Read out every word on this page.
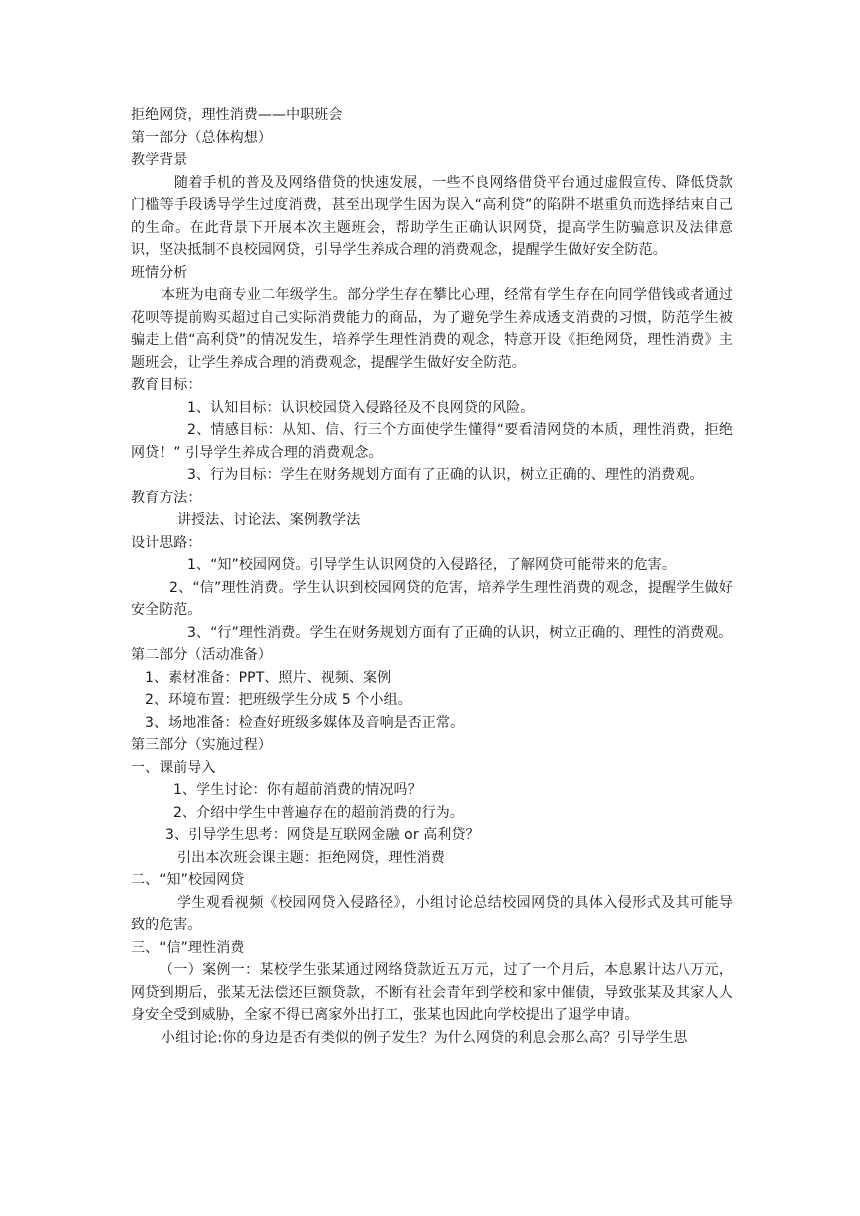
拒绝网贷，理性消费——中职班会

第一部分（总体构想）

教学背景

随着手机的普及及网络借贷的快速发展，一些不良网络借贷平台通过虚假宣传、降低贷款门槛等手段诱导学生过度消费，甚至出现学生因为误入“高利贷”的陷阱不堪重负而选择结束自己的生命。在此背景下开展本次主题班会，帮助学生正确认识网贷，提高学生防骗意识及法律意识，坚决抵制不良校园网贷，引导学生养成合理的消费观念，提醒学生做好安全防范。

班情分析

本班为电商专业二年级学生。部分学生存在攀比心理，经常有学生存在向同学借钱或者通过花呗等提前购买超过自己实际消费能力的商品，为了避免学生养成透支消费的习惯，防范学生被骗走上借“高利贷”的情况发生，培养学生理性消费的观念，特意开设《拒绝网贷，理性消费》主题班会，让学生养成合理的消费观念，提醒学生做好安全防范。

教育目标：

1、认知目标：认识校园贷入侵路径及不良网贷的风险。

2、情感目标：从知、信、行三个方面使学生懂得“要看清网贷的本质，理性消费，拒绝网贷！” 引导学生养成合理的消费观念。

3、行为目标：学生在财务规划方面有了正确的认识，树立正确的、理性的消费观。

教育方法：

讲授法、讨论法、案例教学法

设计思路：

1、“知”校园网贷。引导学生认识网贷的入侵路径，了解网贷可能带来的危害。

2、“信”理性消费。学生认识到校园网贷的危害，培养学生理性消费的观念，提醒学生做好安全防范。

3、“行”理性消费。学生在财务规划方面有了正确的认识，树立正确的、理性的消费观。

第二部分（活动准备）

1、素材准备：PPT、照片、视频、案例

2、环境布置：把班级学生分成 5 个小组。

3、场地准备：检查好班级多媒体及音响是否正常。

第三部分（实施过程）

一、课前导入

1、学生讨论：你有超前消费的情况吗？

2、介绍中学生中普遍存在的超前消费的行为。

3、引导学生思考：网贷是互联网金融 or 高利贷？

引出本次班会课主题：拒绝网贷，理性消费

二、“知”校园网贷

学生观看视频《校园网贷入侵路径》，小组讨论总结校园网贷的具体入侵形式及其可能导致的危害。

三、“信”理性消费

（一）案例一：某校学生张某通过网络贷款近五万元，过了一个月后，本息累计达八万元，网贷到期后，张某无法偿还巨额贷款，不断有社会青年到学校和家中催债，导致张某及其家人人身安全受到威胁，全家不得已离家外出打工，张某也因此向学校提出了退学申请。

小组讨论:你的身边是否有类似的例子发生？为什么网贷的利息会那么高？引导学生思
